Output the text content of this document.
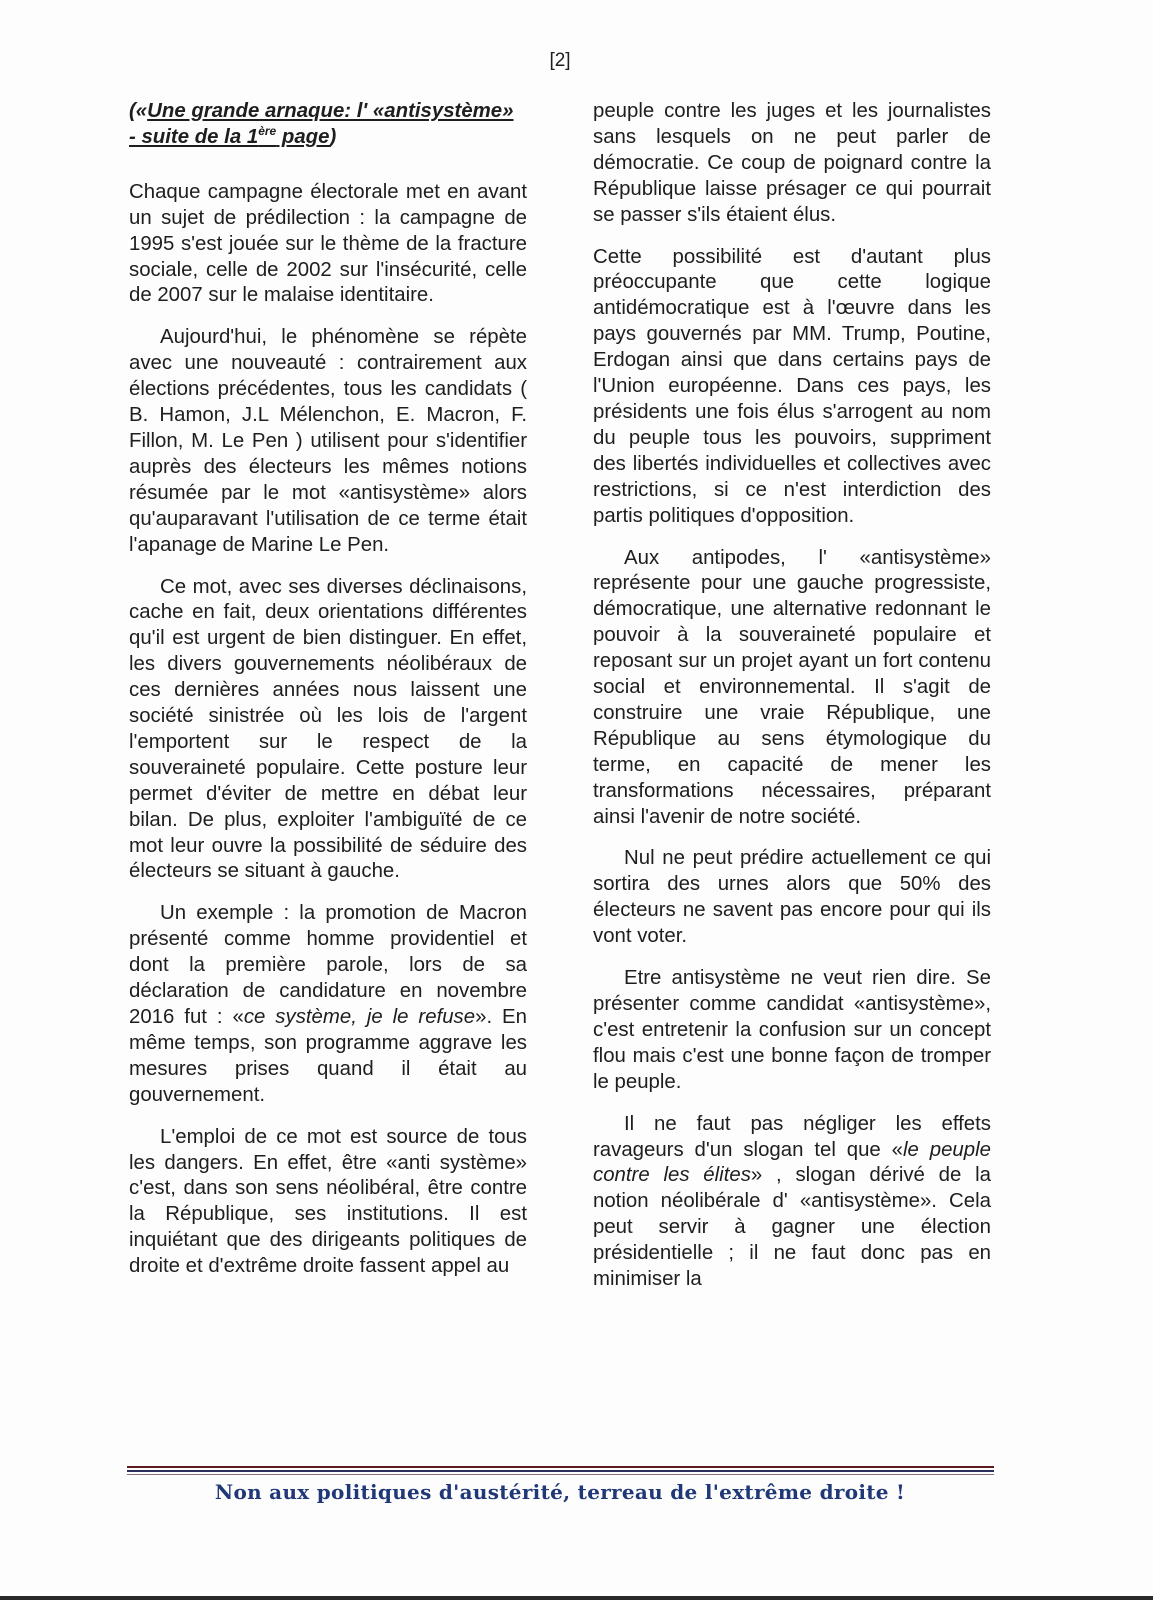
[2]

(«Une grande arnaque: l' «antisystème»
- suite de la 1ère page)

Chaque campagne électorale met en avant un sujet de prédilection : la campagne de 1995 s'est jouée sur le thème de la fracture sociale, celle de 2002 sur l'insécurité, celle de 2007 sur le malaise identitaire.

Aujourd'hui, le phénomène se répète avec une nouveauté : contrairement aux élections précédentes, tous les candidats ( B. Hamon, J.L Mélenchon, E. Macron, F. Fillon, M. Le Pen ) utilisent pour s'identifier auprès des électeurs les mêmes notions résumée par le mot «antisystème» alors qu'auparavant l'utilisation de ce terme était l'apanage de Marine Le Pen.

Ce mot, avec ses diverses déclinaisons, cache en fait, deux orientations différentes qu'il est urgent de bien distinguer. En effet, les divers gouvernements néolibéraux de ces dernières années nous laissent une société sinistrée où les lois de l'argent l'emportent sur le respect de la souveraineté populaire. Cette posture leur permet d'éviter de mettre en débat leur bilan. De plus, exploiter l'ambiguïté de ce mot leur ouvre la possibilité de séduire des électeurs se situant à gauche.

Un exemple : la promotion de Macron présenté comme homme providentiel et dont la première parole, lors de sa déclaration de candidature en novembre 2016 fut : «ce système, je le refuse». En même temps, son programme aggrave les mesures prises quand il était au gouvernement.

L'emploi de ce mot est source de tous les dangers. En effet, être «anti système» c'est, dans son sens néolibéral, être contre la République, ses institutions. Il est inquiétant que des dirigeants politiques de droite et d'extrême droite fassent appel au

peuple contre les juges et les journalistes sans lesquels on ne peut parler de démocratie. Ce coup de poignard contre la République laisse présager ce qui pourrait se passer s'ils étaient élus.

Cette possibilité est d'autant plus préoccupante que cette logique antidémocratique est à l'œuvre dans les pays gouvernés par MM. Trump, Poutine, Erdogan ainsi que dans certains pays de l'Union européenne. Dans ces pays, les présidents une fois élus s'arrogent au nom du peuple tous les pouvoirs, suppriment des libertés individuelles et collectives avec restrictions, si ce n'est interdiction des partis politiques d'opposition.

Aux antipodes, l' «antisystème» représente pour une gauche progressiste, démocratique, une alternative redonnant le pouvoir à la souveraineté populaire et reposant sur un projet ayant un fort contenu social et environnemental. Il s'agit de construire une vraie République, une République au sens étymologique du terme, en capacité de mener les transformations nécessaires, préparant ainsi l'avenir de notre société.

Nul ne peut prédire actuellement ce qui sortira des urnes alors que 50% des électeurs ne savent pas encore pour qui ils vont voter.

Etre antisystème ne veut rien dire. Se présenter comme candidat «antisystème», c'est entretenir la confusion sur un concept flou mais c'est une bonne façon de tromper le peuple.

Il ne faut pas négliger les effets ravageurs d'un slogan tel que «le peuple contre les élites» , slogan dérivé de la notion néolibérale d' «antisystème». Cela peut servir à gagner une élection présidentielle ; il ne faut donc pas en minimiser la

Non aux politiques d'austérité, terreau de l'extrême droite !
